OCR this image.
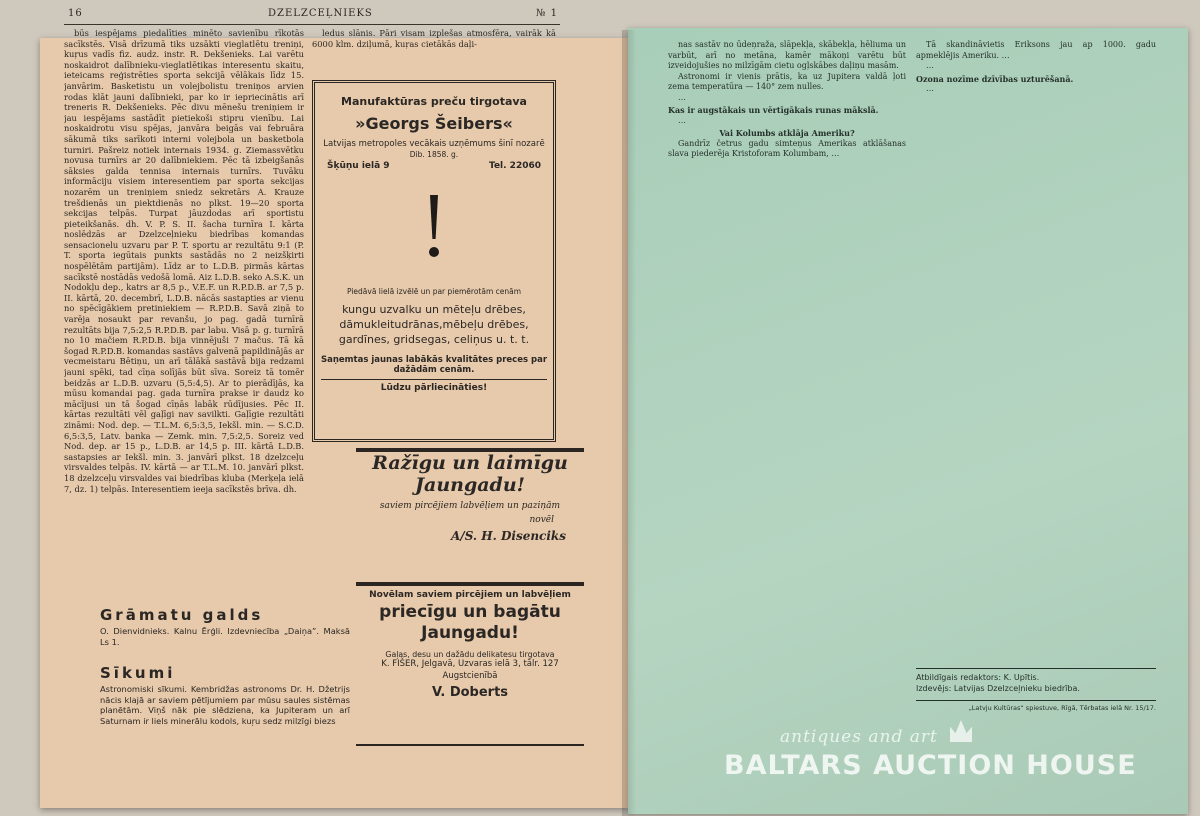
16	DZELZCEĻNIEKS	№ 1

būs iespējams piedalīties minēto savienību rīkotās sacīkstēs. Visā drīzumā tiks uzsākti vieglatlētu treniņi, kuŗus vadīs fiz. audz. instr. R. Dekšenieks. Lai varētu noskaidrot dalībnieku-vieglatlētikas interesentu skaitu, ieteicams reģistrēties sporta sekcijā vēlākais līdz 15. janvārim. Basketistu un volejbolistu treniņos arvien rodas klāt jauni dalībnieki, par ko ir iepriecinātis arī treneris R. Dekšenieks. Pēc divu mēnešu treniņiem ir jau iespējams sastādīt pietiekoši stipru vienību. Lai noskaidrotu visu spējas, janvāra beigās vai februāra sākumā tiks sarīkoti interni volejbola un basketbola turniri. Pašreiz notiek internais 1934. g. Ziemassvētku novusa turnīrs ar 20 dalībniekiem. Pēc tā izbeigšanās sāksies galda tennisa internais turnīrs. Tuvāku informāciju visiem interesentiem par sporta sekcijas nozarēm un treniņiem sniedz sekretārs A. Krauze trešdienās un piektdienās no plkst. 19—20 sporta sekcijas telpās. Turpat jāuzdodas arī sportistu pieteikšanās. dh. V. P. S. II. šacha turnīra I. kārta noslēdzās ar Dzelzceļnieku biedrības komandas sensacionelu uzvaru par P. T. sportu ar rezultātu 9:1 (P. T. sporta iegūtais punkts sastādās no 2 neizšķirti nospēlētām partijām). Līdz ar to L.D.B. pirmās kārtas sacīkstē nostādās vedošā lomā. Aiz L.D.B. seko A.S.K. un Nodokļu dep., katrs ar 8,5 p., V.E.F. un R.P.D.B. ar 7,5 p. II. kārtā, 20. decembrī, L.D.B. nācās sastapties ar vienu no spēcīgākiem pretiniekiem — R.P.D.B. Savā ziņā to varēja nosaukt par revanšu, jo pag. gadā turnīrā rezultāts bija 7,5:2,5 R.P.D.B. par labu. Visā p. g. turnīrā no 10 mačiem R.P.D.B. bija vinnējuši 7 mačus. Tā kā šogad R.P.D.B. komandas sastāvs galvenā papildinājās ar vecmeistaru Bētiņu, un arī tālākā sastāvā bija redzami jauni spēki, tad cīņa solījās būt sīva. Soreiz tā tomēr beidzās ar L.D.B. uzvaru (5,5:4,5). Ar to pierādījās, ka mūsu komandai pag. gada turnīra prakse ir daudz ko mācījusi un tā šogad cīņās labāk rūdījusies. Pēc II. kārtas rezultāti vēl gaļīgi nav savilkti. Gaļīgie rezultāti zināmi: Nod. dep. — T.L.M. 6,5:3,5, Iekšl. min. — S.C.D. 6,5:3,5, Latv. banka — Zemk. min. 7,5:2,5. Soreiz ved Nod. dep. ar 15 p., L.D.B. ar 14,5 p. III. kārtā L.D.B. sastapsies ar Iekšl. min. 3. janvārī plkst. 18 dzelzceļu virsvaldes telpās. IV. kārtā — ar T.L.M. 10. janvārī plkst. 18 dzelzceļu virsvaldes vai biedrības kluba (Merķeļa ielā 7, dz. 1) telpās. Interesentiem ieeja sacīkstēs brīva. dh.

ledus slānis. Pāri visam izplešas atmosfēra, vairāk kā 6000 klm. dziļumā, kuŗas cietākās daļi-

Manufaktūras preču tirgotava
»Georgs Šeibers«
Latvijas metropoles vecākais uzņēmums šinī nozarē
Dib. 1858. g.
Šķūņu ielā 9	Tel. 22060
Piedāvā lielā izvēlē un par piemērotām cenām
kungu uzvalku un mēteļu drēbes, dāmukleitudrānas,mēbeļu drēbes, gardīnes, gridsegas, celiņus u. t. t.
Saņemtas jaunas labākās kvalitātes preces par dažādām cenām.
Lūdzu pārliecināties!
Ražīgu un laimīgu Jaungadu!
saviem pircējiem labvēļiem un paziņām
novēl
A/S. H. Disenciks
Novēlam saviem pircējiem un labvēļiem
priecīgu un bagātu Jaungadu!
Gaļas, desu un dažādu delikatesu tirgotava
K. FIŠER, Jelgavā, Uzvaras ielā 3, tālr. 127
Augstcienībā
V. Doberts
Grāmatu galds
O. Dienvidnieks. Kalnu Ērģli. Izdevniecība „Daiņa”. Maksā Ls 1.
Sīkumi
Astronomiski sīkumi. Kembridžas astronoms Dr. H. Džetrijs nācis klajā ar saviem pētījumiem par mūsu saules sistēmas planētām. Viņš nāk pie slēdziena, ka Jupiteram un arī Saturnam ir liels minerālu kodols, kuŗu sedz milzīgi biezs

nas sastāv no ūdeņraža, slāpekļa, skābekļa, hēliuma un varbūt, arī no metāna, kamēr mākoņi varētu būt izveidojušies no milzīgām cietu ogļskābes daļiņu masām.

Astronomi ir vienis prātis, ka uz Jupitera valdā ļoti zema temperatūra — 140° zem nulles.

…

Kas ir augstākais un vērtīgākais runas mākslā.

…

Vai Kolumbs atklāja Ameriku?

Gandrīz četrus gadu simteņus Amerikas atklāšanas slava piederēja Kristoforam Kolumbam, …

Tā skandināvietis Eriksons jau ap 1000. gadu apmeklējis Ameriku. …

…

Ozona nozīme dzīvības uzturēšanā.

…

Atbildīgais redaktors: K. Upītis.
Izdevējs: Latvijas Dzelzceļnieku biedrība.
„Latvju Kultūras“ spiestuve, Rīgā, Tērbatas ielā Nr. 15/17.
antiques and art
BALTARS AUCTION HOUSE
